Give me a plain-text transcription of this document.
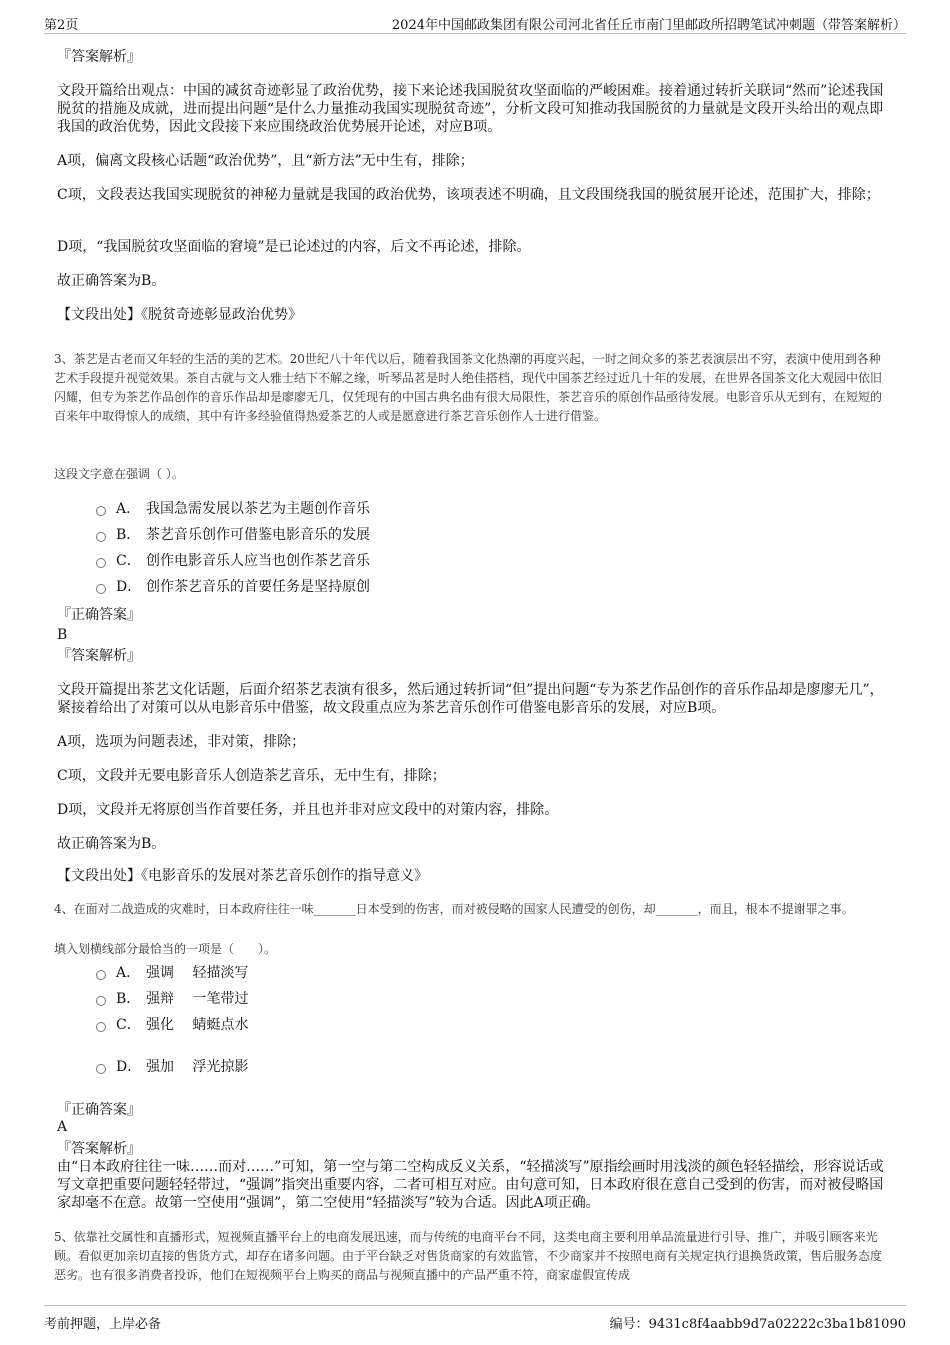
第2页	2024年中国邮政集团有限公司河北省任丘市南门里邮政所招聘笔试冲刺题（带答案解析）
『答案解析』
文段开篇给出观点：中国的减贫奇迹彰显了政治优势，接下来论述我国脱贫攻坚面临的严峻困难。接着通过转折关联词“然而”论述我国脱贫的措施及成就，进而提出问题“是什么力量推动我国实现脱贫奇迹”，分析文段可知推动我国脱贫的力量就是文段开头给出的观点即我国的政治优势，因此文段接下来应围绕政治优势展开论述，对应B项。
A项，偏离文段核心话题“政治优势”，且“新方法”无中生有，排除；
C项，文段表达我国实现脱贫的神秘力量就是我国的政治优势，该项表述不明确，且文段围绕我国的脱贫展开论述，范围扩大，排除；
D项，“我国脱贫攻坚面临的窘境”是已论述过的内容，后文不再论述，排除。
故正确答案为B。
【文段出处】《脱贫奇迹彰显政治优势》
3、茶艺是古老而又年轻的生活的美的艺术。20世纪八十年代以后，随着我国茶文化热潮的再度兴起，一时之间众多的茶艺表演层出不穷，表演中使用到各种艺术手段提升视觉效果。茶自古就与文人雅士结下不解之缘，听琴品茗是时人绝佳搭档，现代中国茶艺经过近几十年的发展，在世界各国茶文化大观园中依旧闪耀，但专为茶艺作品创作的音乐作品却是廖廖无几，仅凭现有的中国古典名曲有很大局限性，茶艺音乐的原创作品亟待发展。电影音乐从无到有，在短短的百来年中取得惊人的成绩，其中有许多经验值得热爱茶艺的人或是愿意进行茶艺音乐创作人士进行借鉴。
这段文字意在强调（ ）。
A． 我国急需发展以茶艺为主题创作音乐
B． 茶艺音乐创作可借鉴电影音乐的发展
C． 创作电影音乐人应当也创作茶艺音乐
D． 创作茶艺音乐的首要任务是坚持原创
『正确答案』
B
『答案解析』
文段开篇提出茶艺文化话题，后面介绍茶艺表演有很多，然后通过转折词“但”提出问题“专为茶艺作品创作的音乐作品却是廖廖无几”，紧接着给出了对策可以从电影音乐中借鉴，故文段重点应为茶艺音乐创作可借鉴电影音乐的发展，对应B项。
A项，选项为问题表述，非对策，排除；
C项，文段并无要电影音乐人创造茶艺音乐，无中生有，排除；
D项，文段并无将原创当作首要任务，并且也并非对应文段中的对策内容，排除。
故正确答案为B。
【文段出处】《电影音乐的发展对茶艺音乐创作的指导意义》
4、在面对二战造成的灾难时，日本政府往往一味_______日本受到的伤害，而对被侵略的国家人民遭受的创伤，却_______，而且，根本不提谢罪之事。
填入划横线部分最恰当的一项是（　　）。
A． 强调　 轻描淡写
B． 强辩　 一笔带过
C． 强化　 蜻蜓点水
D． 强加　 浮光掠影
『正确答案』
A
『答案解析』
由“日本政府往往一味……而对……”可知，第一空与第二空构成反义关系，“轻描淡写”原指绘画时用浅淡的颜色轻轻描绘，形容说话或写文章把重要问题轻轻带过，“强调”指突出重要内容，二者可相互对应。由句意可知，日本政府很在意自己受到的伤害，而对被侵略国家却毫不在意。故第一空使用“强调”，第二空使用“轻描淡写”较为合适。因此A项正确。
5、依靠社交属性和直播形式，短视频直播平台上的电商发展迅速，而与传统的电商平台不同，这类电商主要利用单品流量进行引导、推广，并吸引顾客来光顾。看似更加亲切直接的售货方式，却存在诸多问题。由于平台缺乏对售货商家的有效监管，不少商家并不按照电商有关规定执行退换货政策，售后服务态度恶劣。也有很多消费者投诉，他们在短视频平台上购买的商品与视频直播中的产品严重不符，商家虚假宣传成
考前押题，上岸必备	编号：9431c8f4aabb9d7a02222c3ba1b81090
